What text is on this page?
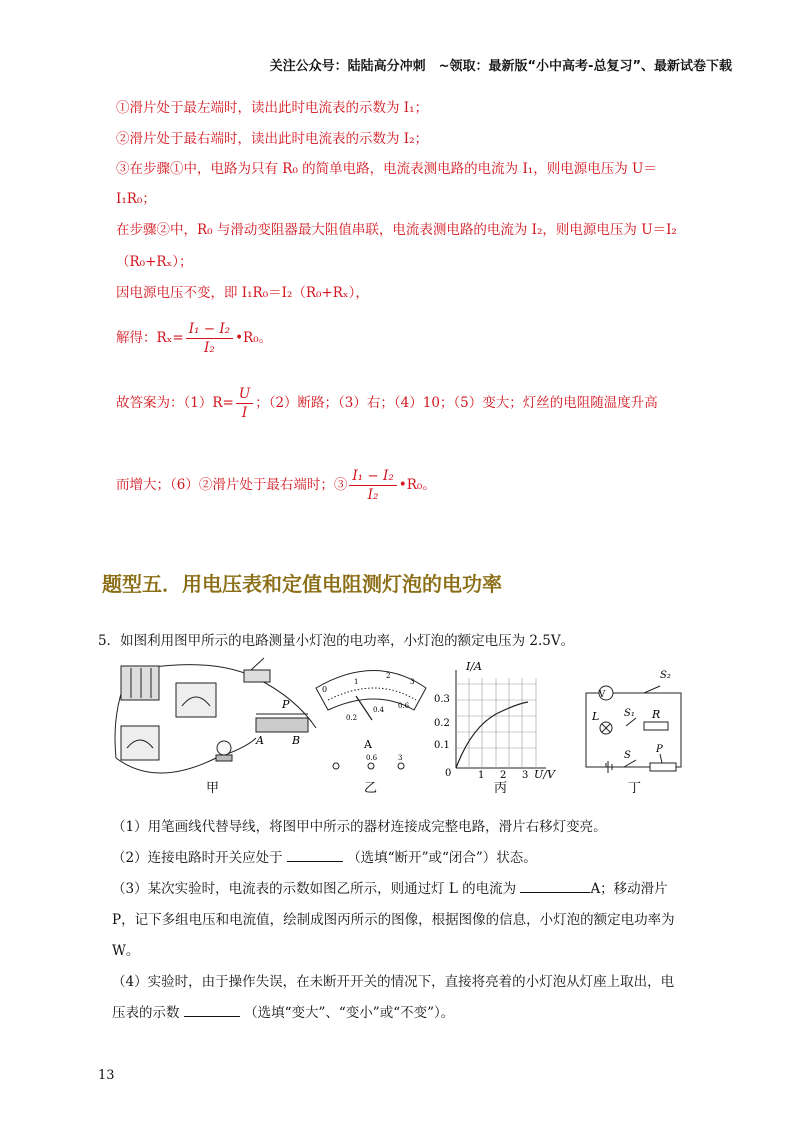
关注公众号：陆陆高分冲刺　~领取：最新版“小中高考-总复习”、最新试卷下载
①滑片处于最左端时，读出此时电流表的示数为 I₁；
②滑片处于最右端时，读出此时电流表的示数为 I₂；
③在步骤①中，电路为只有 R₀ 的简单电路，电流表测电路的电流为 I₁，则电源电压为 U＝
I₁R₀；
在步骤②中，R₀ 与滑动变阻器最大阻值串联，电流表测电路的电流为 I₂，则电源电压为 U＝I₂
（R₀+Rₓ）；
因电源电压不变，即 I₁R₀＝I₂（R₀+Rₓ），
解得：$R_x= \frac{\text{I₁ − I₂}}{\text{I₂}}$ •R₀。
故答案为：$(1)R= \frac{U}{I}$ ；（2）断路；（3）右；（4）10；（5）变大；灯丝的电阻随温度升高
而增大；（6）②滑片处于最右端时；③ $\frac{\text{I₁ − I₂}}{\text{I₂}}$ •R₀。
题型五．用电压表和定值电阻测灯泡的电功率
5．如图利用图甲所示的电路测量小灯泡的电功率，小灯泡的额定电压为 2.5V。
P
A	B
甲
0
0.2
0.4 0.6
1
2
3
A
0.6	3
乙
I/A
0.3
0.2
0.1
0	1 2 3 U/V
丙
V
L S₁ R
S₂
S
P
丁
（1）用笔画线代替导线，将图甲中所示的器材连接成完整电路，滑片右移灯变亮。
（2）连接电路时开关应处于	（选填“断开”或“闭合”）状态。
（3）某次实验时，电流表的示数如图乙所示，则通过灯 L 的电流为	A；移动滑片
P，记下多组电压和电流值，绘制成图丙所示的图像，根据图像的信息，小灯泡的额定电功率为
W。
（4）实验时，由于操作失误，在未断开开关的情况下，直接将亮着的小灯泡从灯座上取出，电
压表的示数	（选填“变大”、“变小”或“不变”）。
13
